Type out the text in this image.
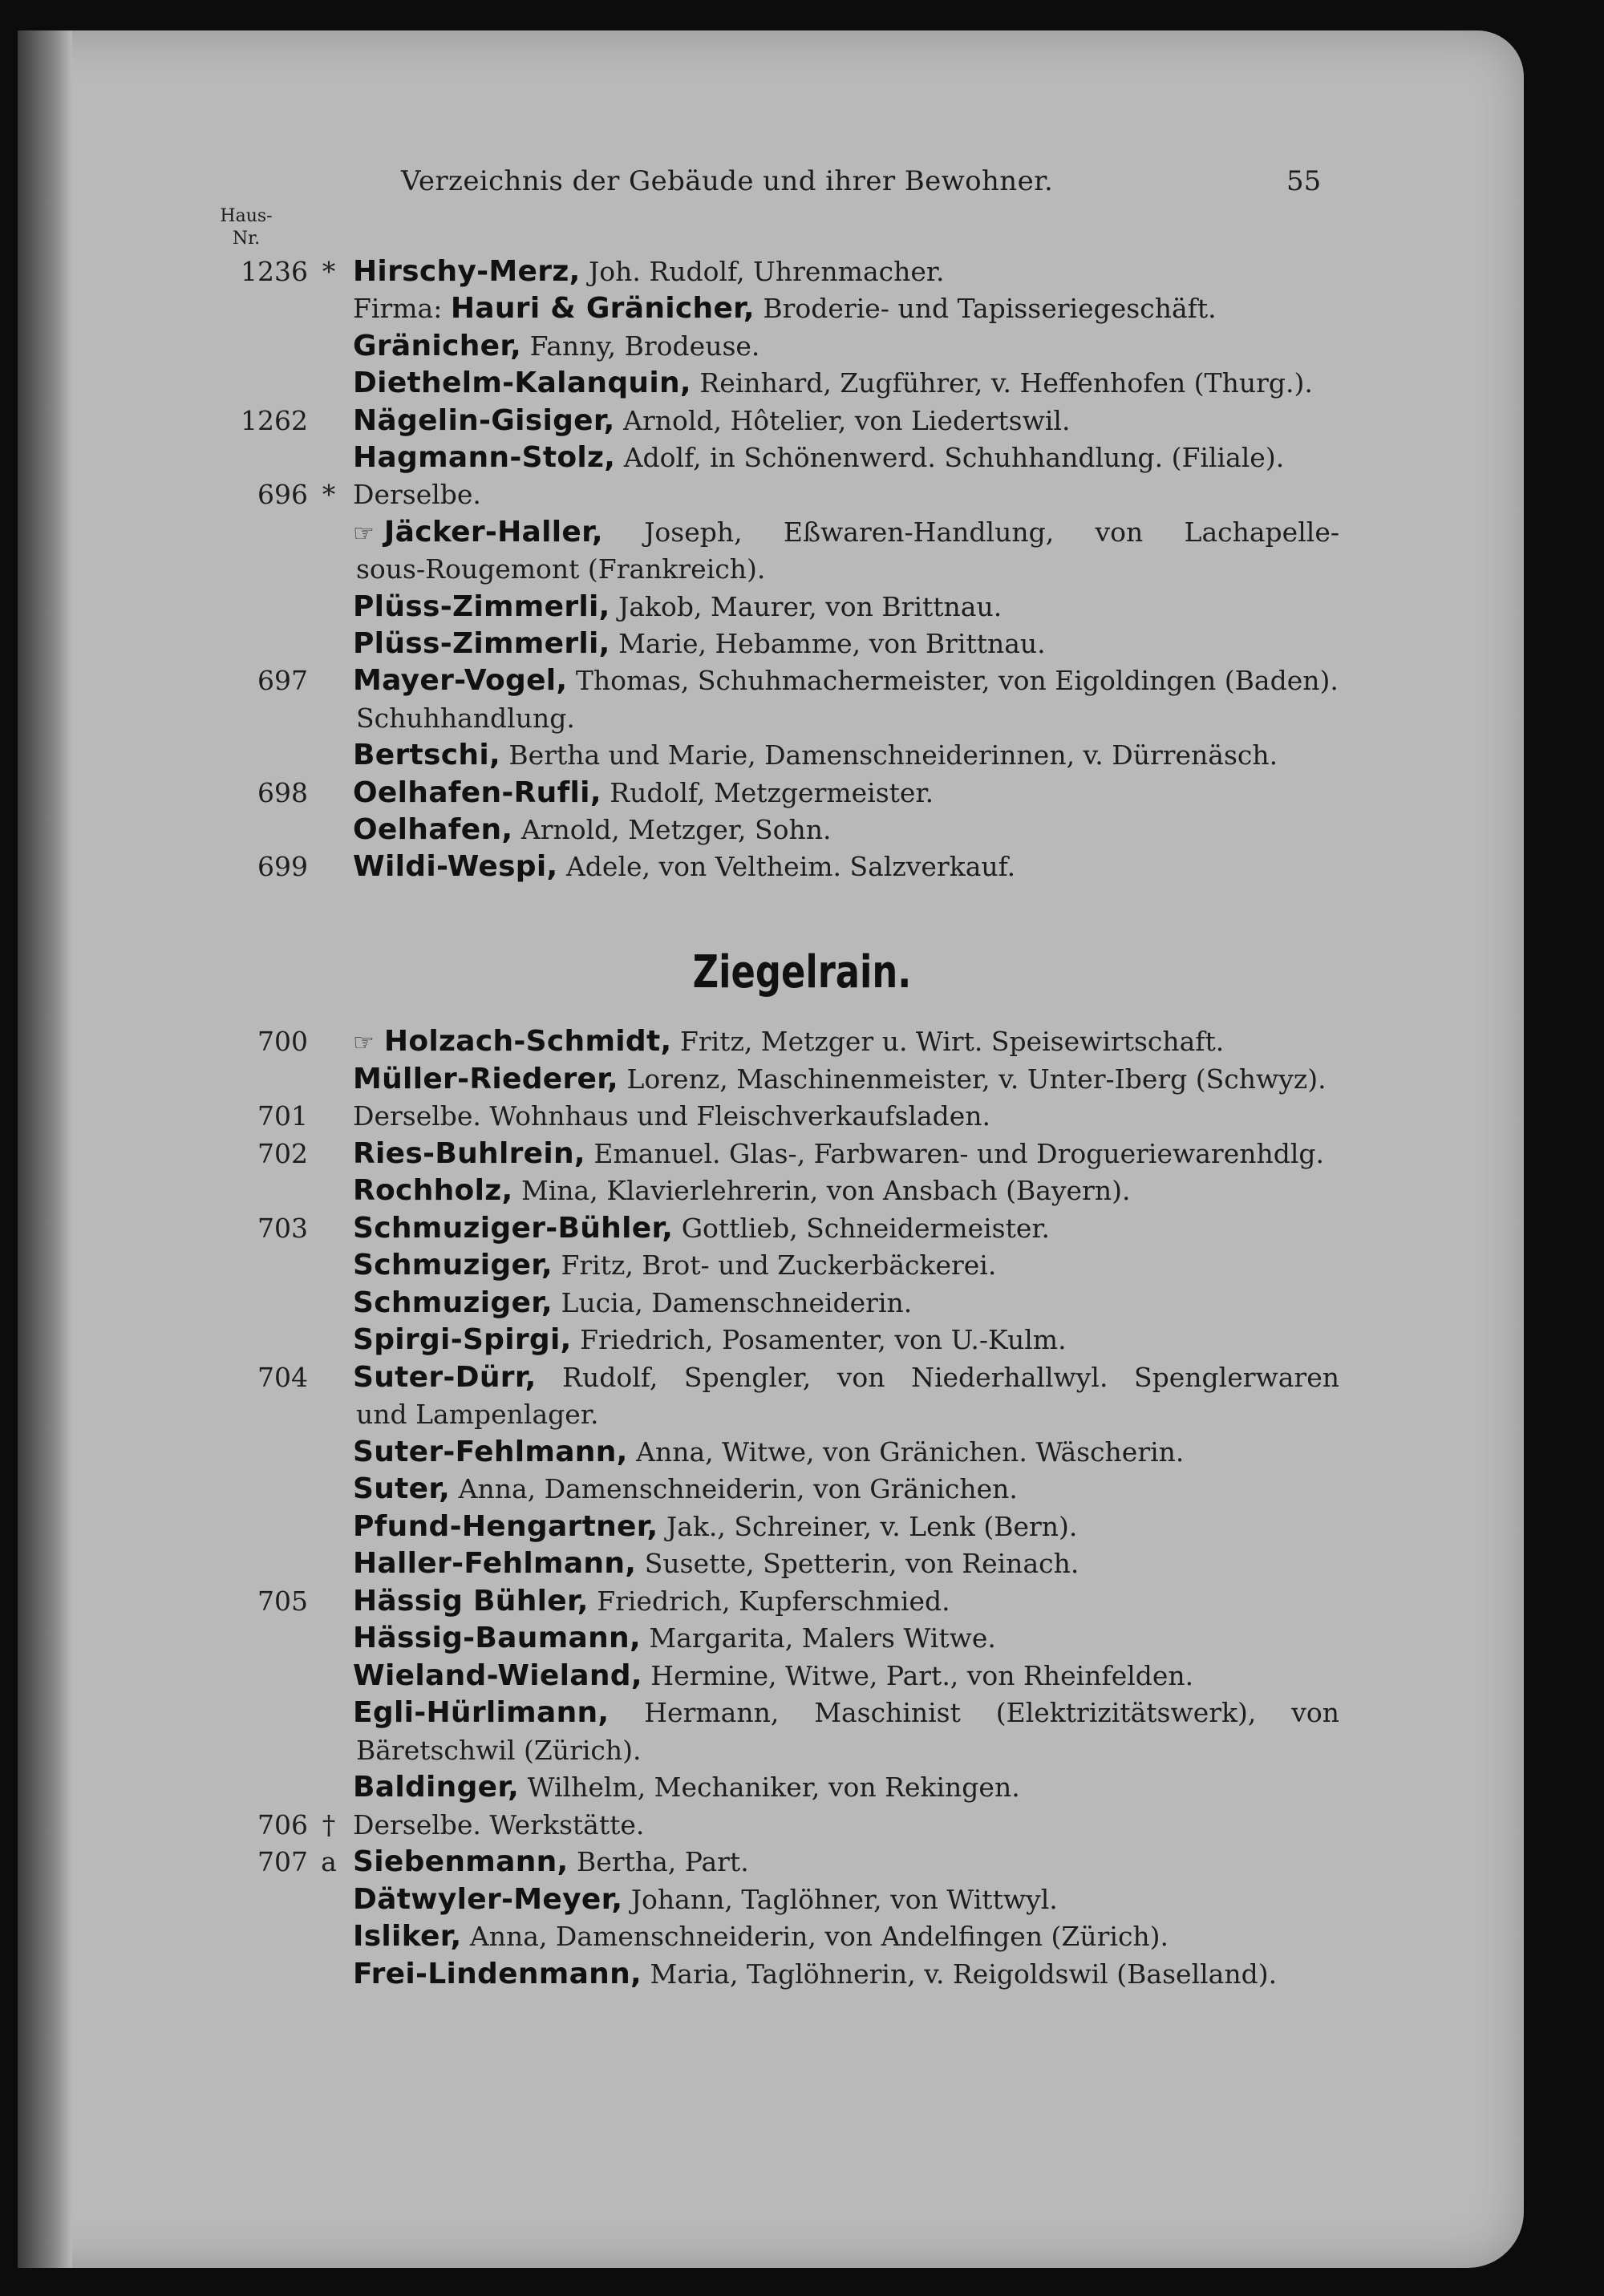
Verzeichnis der Gebäude und ihrer Bewohner.	55
Haus-
Nr.
Ziegelrain.
1236 * Hirschy-Merz, Joh. Rudolf, Uhrenmacher.
Firma: Hauri & Gränicher, Broderie- und Tapisseriegeschäft.
Gränicher, Fanny, Brodeuse.
Diethelm-Kalanquin, Reinhard, Zugführer, v. Heffenhofen (Thurg.).
1262 Nägelin-Gisiger, Arnold, Hôtelier, von Liedertswil.
Hagmann-Stolz, Adolf, in Schönenwerd. Schuhhandlung. (Filiale).
696 * Derselbe.
☞ Jäcker-Haller, Joseph, Eßwaren-Handlung, von Lachapelle-
sous-Rougemont (Frankreich).
Plüss-Zimmerli, Jakob, Maurer, von Brittnau.
Plüss-Zimmerli, Marie, Hebamme, von Brittnau.
697 Mayer-Vogel, Thomas, Schuhmachermeister, von Eigoldingen (Baden).
Schuhhandlung.
Bertschi, Bertha und Marie, Damenschneiderinnen, v. Dürrenäsch.
698 Oelhafen-Rufli, Rudolf, Metzgermeister.
Oelhafen, Arnold, Metzger, Sohn.
699 Wildi-Wespi, Adele, von Veltheim. Salzverkauf.
700 ☞ Holzach-Schmidt, Fritz, Metzger u. Wirt. Speisewirtschaft.
Müller-Riederer, Lorenz, Maschinenmeister, v. Unter-Iberg (Schwyz).
701 Derselbe. Wohnhaus und Fleischverkaufsladen.
702 Ries-Buhlrein, Emanuel. Glas-, Farbwaren- und Drogueriewarenhdlg.
Rochholz, Mina, Klavierlehrerin, von Ansbach (Bayern).
703 Schmuziger-Bühler, Gottlieb, Schneidermeister.
Schmuziger, Fritz, Brot- und Zuckerbäckerei.
Schmuziger, Lucia, Damenschneiderin.
Spirgi-Spirgi, Friedrich, Posamenter, von U.-Kulm.
704 Suter-Dürr, Rudolf, Spengler, von Niederhallwyl. Spenglerwaren
und Lampenlager.
Suter-Fehlmann, Anna, Witwe, von Gränichen. Wäscherin.
Suter, Anna, Damenschneiderin, von Gränichen.
Pfund-Hengartner, Jak., Schreiner, v. Lenk (Bern).
Haller-Fehlmann, Susette, Spetterin, von Reinach.
705 Hässig Bühler, Friedrich, Kupferschmied.
Hässig-Baumann, Margarita, Malers Witwe.
Wieland-Wieland, Hermine, Witwe, Part., von Rheinfelden.
Egli-Hürlimann, Hermann, Maschinist (Elektrizitätswerk), von
Bäretschwil (Zürich).
Baldinger, Wilhelm, Mechaniker, von Rekingen.
706 † Derselbe. Werkstätte.
707 a Siebenmann, Bertha, Part.
Dätwyler-Meyer, Johann, Taglöhner, von Wittwyl.
Isliker, Anna, Damenschneiderin, von Andelfingen (Zürich).
Frei-Lindenmann, Maria, Taglöhnerin, v. Reigoldswil (Baselland).
